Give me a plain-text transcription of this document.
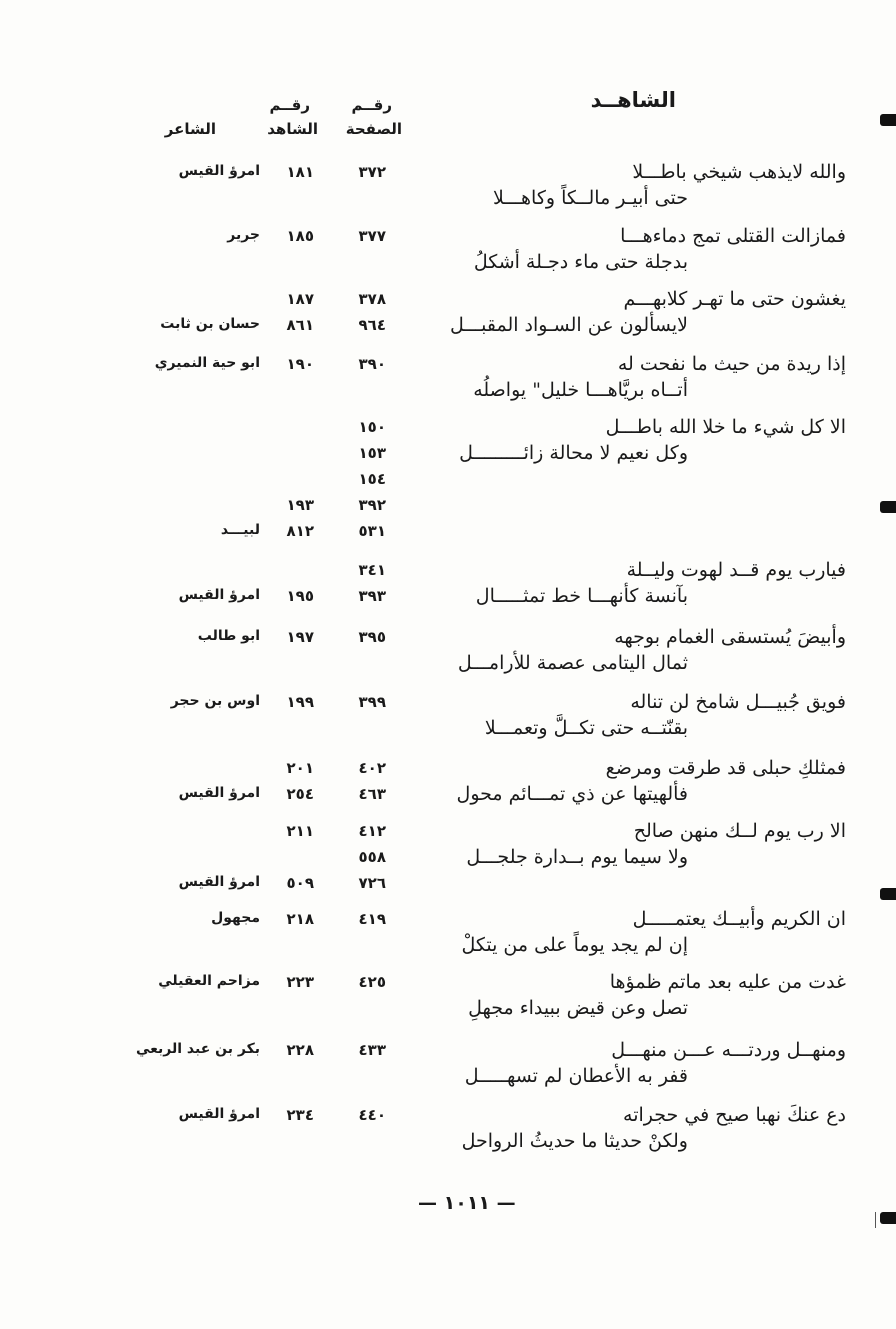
الشاهــد
رقــم
الصفحة
رقــم
الشاهد
الشاعر
والله لايذهب شيخي باطـــلا
حتى أبيـر مالــكاً وكاهـــلا
٣٧٢
١٨١
امرؤ القيس
فمازالت القتلى تمج دماءهـــا
بدجلة حتى ماء دجـلة أشكلُ
٣٧٧
١٨٥
جرير
يغشون حتى ما تهـر كلابهـــم
لايسألون عن السـواد المقبـــل
٣٧٨
٩٦٤
١٨٧
٨٦١
حسان بن ثابت
إذا ريدة من حيث ما نفحت له
أتــاه بريَّاهـــا خليل" يواصلُه
٣٩٠
١٩٠
ابو حية النميري
الا كل شيء ما خلا الله باطـــل
وكل نعيم لا محالة زائـــــــــل
١٥٠
١٥٣
١٥٤
٣٩٢
٥٣١
١٩٣
٨١٢
لبيـــد
فيارب يوم قــد لهوت وليــلة
بآنسة كأنهـــا خط تمثـــــال
٣٤١
٣٩٣
١٩٥
امرؤ القيس
وأبيضَ يُستسقى الغمام بوجهه
ثمال اليتامى عصمة للأرامـــل
٣٩٥
١٩٧
ابو طالب
فويق جُبيـــل شامخ لن تناله
بقنّتــه حتى تكــلَّ وتعمـــلا
٣٩٩
١٩٩
اوس بن حجر
فمثلكِ حبلى قد طرقت ومرضع
فألهيتها عن ذي تمـــائم محول
٤٠٢
٤٦٣
٢٠١
٢٥٤
امرؤ القيس
الا رب يوم لــك منهن صالح
ولا سيما يوم بــدارة جلجـــل
٤١٢
٥٥٨
٧٢٦
٢١١
٥٠٩
امرؤ القيس
ان الكريم وأبيــك يعتمـــــل
إن لم يجد يوماً على من يتكلْ
٤١٩
٢١٨
مجهول
غدت من عليه بعد ماتم ظمؤها
تصل وعن قيض ببيداء مجهلِ
٤٢٥
٢٢٣
مزاحم العقيلي
ومنهــل وردتـــه عـــن منهـــل
قفر به الأعطان لم تسهـــــل
٤٣٣
٢٢٨
بكر بن عبد الربعي
دع عنكَ نهبا صيح في حجراته
ولكنْ حديثا ما حديثُ الرواحل
٤٤٠
٢٣٤
امرؤ القيس
— ١٠١١ —
